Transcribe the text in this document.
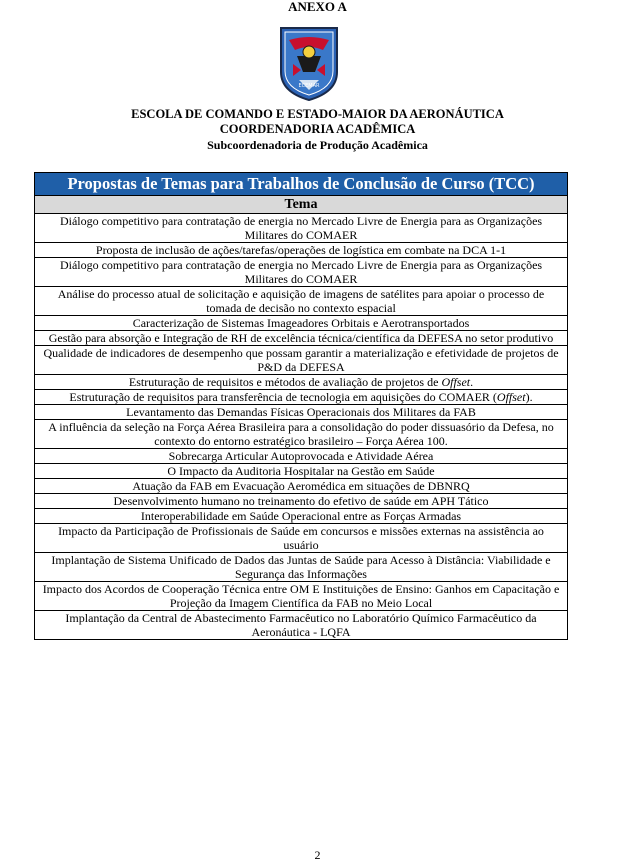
ANEXO A
ECEMAR
ESCOLA DE COMANDO E ESTADO-MAIOR DA AERONÁUTICA
COORDENADORIA ACADÊMICA
Subcoordenadoria de Produção Acadêmica
Propostas de Temas para Trabalhos de Conclusão de Curso (TCC)
Tema
Diálogo competitivo para contratação de energia no Mercado Livre de Energia para as Organizações Militares do COMAER
Proposta de inclusão de ações/tarefas/operações de logística em combate na DCA 1-1
Diálogo competitivo para contratação de energia no Mercado Livre de Energia para as Organizações Militares do COMAER
Análise do processo atual de solicitação e aquisição de imagens de satélites para apoiar o processo de tomada de decisão no contexto espacial
Caracterização de Sistemas Imageadores Orbitais e Aerotransportados
Gestão para absorção e Integração de RH de excelência técnica/científica da DEFESA no setor produtivo
Qualidade de indicadores de desempenho que possam garantir a materialização e efetividade de projetos de P&D da DEFESA
Estruturação de requisitos e métodos de avaliação de projetos de Offset.
Estruturação de requisitos para transferência de tecnologia em aquisições do COMAER (Offset).
Levantamento das Demandas Físicas Operacionais dos Militares da FAB
A influência da seleção na Força Aérea Brasileira para a consolidação do poder dissuasório da Defesa, no contexto do entorno estratégico brasileiro – Força Aérea 100.
Sobrecarga Articular Autoprovocada e Atividade Aérea
O Impacto da Auditoria Hospitalar na Gestão em Saúde
Atuação da FAB em Evacuação Aeromédica em situações de DBNRQ
Desenvolvimento humano no treinamento do efetivo de saúde em APH Tático
Interoperabilidade em Saúde Operacional entre as Forças Armadas
Impacto da Participação de Profissionais de Saúde em concursos e missões externas na assistência ao usuário
Implantação de Sistema Unificado de Dados das Juntas de Saúde para Acesso à Distância: Viabilidade e Segurança das Informações
Impacto dos Acordos de Cooperação Técnica entre OM E Instituições de Ensino: Ganhos em Capacitação e Projeção da Imagem Científica da FAB no Meio Local
Implantação da Central de Abastecimento Farmacêutico no Laboratório Químico Farmacêutico da Aeronáutica - LQFA
2
